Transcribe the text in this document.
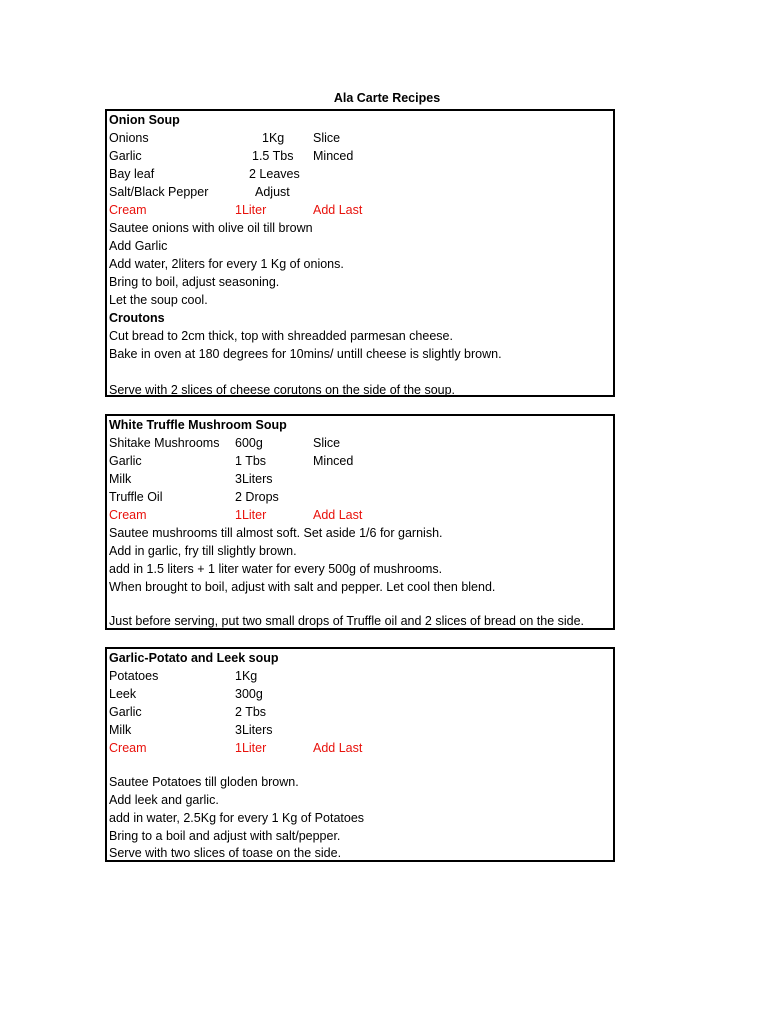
Ala Carte Recipes
Onion Soup
Onions	1Kg Slice
Garlic	1.5 Tbs Minced
Bay leaf	2 Leaves
Salt/Black Pepper	Adjust
Cream	1Liter	Add Last
Sautee onions with olive oil till brown
Add Garlic
Add water, 2liters for every 1 Kg of onions.
Bring to boil, adjust seasoning.
Let the soup cool.
Croutons
Cut bread to 2cm thick, top with shreadded parmesan cheese.
Bake in oven at 180 degrees for 10mins/ untill cheese is slightly brown.
Serve with 2 slices of cheese corutons on the side of the soup.
White Truffle Mushroom Soup
Shitake Mushrooms 600g	Slice
Garlic	1 Tbs	Minced
Milk	3Liters
Truffle Oil	2 Drops
Cream	1Liter	Add Last
Sautee mushrooms till almost soft. Set aside 1/6 for garnish.
Add in garlic, fry till slightly brown.
add in 1.5 liters + 1 liter water for every 500g of mushrooms.
When brought to boil, adjust with salt and pepper. Let cool then blend.
Just before serving, put two small drops of Truffle oil and 2 slices of bread on the side.
Garlic-Potato and Leek soup
Potatoes	1Kg
Leek	300g
Garlic	2 Tbs
Milk	3Liters
Cream	1Liter	Add Last
Sautee Potatoes till gloden brown.
Add leek and garlic.
add in water, 2.5Kg for every 1 Kg of Potatoes
Bring to a boil and adjust with salt/pepper.
Serve with two slices of toase on the side.
